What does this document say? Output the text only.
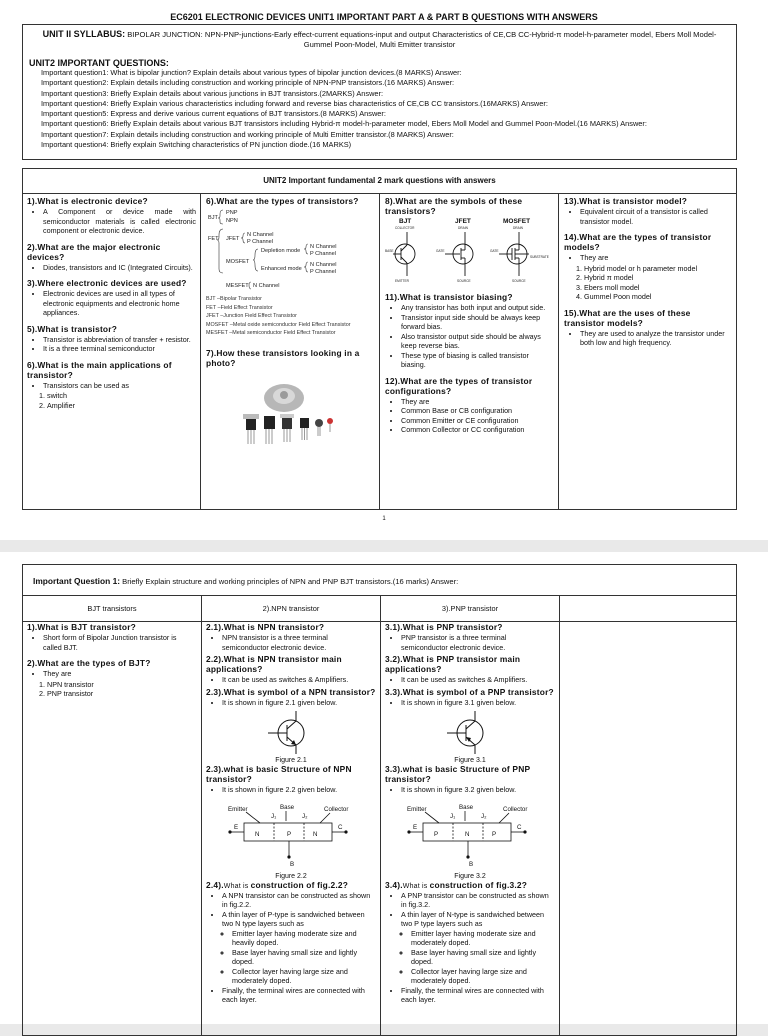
EC6201 ELECTRONIC DEVICES UNIT1 IMPORTANT PART A & PART B QUESTIONS WITH ANSWERS
UNIT II SYLLABUS: BIPOLAR JUNCTION: NPN-PNP-junctions-Early effect-current equations-input and output Characteristics of CE,CB CC-Hybrid-π model-h-parameter model, Ebers Moll Model-Gummel Poon-Model, Multi Emitter transistor
UNIT2 IMPORTANT QUESTIONS:
Important question1: What is bipolar junction? Explain details about various types of bipolar junction devices.(8 MARKS) Answer:
Important question2: Explain details including construction and working principle of NPN-PNP transistors.(16 MARKS) Answer:
Important question3: Briefly Explain details about various junctions in BJT transistors.(2MARKS) Answer:
Important question4: Briefly Explain various characteristics including forward and reverse bias characteristics of CE,CB CC transistors.(16MARKS) Answer:
Important question5: Express and derive various current equations of BJT transistors.(8 MARKS) Answer:
Important question6: Briefly Explain details about various BJT transistors including Hybrid-π model-h-parameter model, Ebers Moll Model and Gummel Poon-Model.(16 MARKS) Answer:
Important question7: Explain details including construction and working principle of Multi Emitter transistor.(8 MARKS) Answer:
Important question4: Briefly explain Switching characteristics of PN junction diode.(16 MARKS)
UNIT2 Important fundamental 2 mark questions with answers
1).What is electronic device?
• A Component or device made with semiconductor materials is called electronic component or electronic device.
2).What are the major electronic devices?
• Diodes, transistors and IC (Integrated Circuits).
3).Where electronic devices are used?
• Electronic devices are used in all types of electronic equipments and electronic home appliances.
5).What is transistor?
• Transistor is abbreviation of transfer + resistor.
• It is a three terminal semiconductor
6).What is the main applications of transistor?
• Transistors can be used as
1. switch
2. Amplifier
6).What are the types of transistors?
BJT
PNP
NPN
FET JFET
N Channel
P Channel
MOSFET
Depletion mode
Enhanced mode
N Channel
P Channel
N Channel
P Channel
MESFET N Channel
BJT –Bipolar Transistor
FET –Field Effect Transistor
JFET –Junction Field Effect Transistor
MOSFET –Metal oxide semiconductor Field Effect Transistor
MESFET –Metal semiconductor Field Effect Transistor
7).How these transistors looking in a photo?
8).What are the symbols of these transistors?
BJT	JFET	MOSFET
COLLECTOR	DRAIN	DRAIN
BASE	GATE	GATE
SUBSTRATE
EMITTER	SOURCE	SOURCE
11).What is transistor biasing?
• Any transistor has both input and output side.
• Transistor input side should be always keep forward bias.
• Also transistor output side should be always keep reverse bias.
• These type of biasing is called transistor biasing.
12).What are the types of transistor configurations?
• They are
• Common Base or CB configuration
• Common Emitter or CE configuration
• Common Collector or CC configuration
13).What is transistor model?
• Equivalent circuit of a transistor is called transistor model.
14).What are the types of transistor models?
• They are
1. Hybrid model or h parameter model
2. Hybrid π model
3. Ebers moll model
4. Gummel Poon model
15).What are the uses of these transistor models?
• They are used to analyze the transistor under both low and high frequency.
1
Important Question 1: Briefly Explain structure and working principles of NPN and PNP BJT transistors.(16 marks) Answer:
BJT transistors	2).NPN transistor	3).PNP transistor
1).What is BJT transistor?
• Short form of Bipolar Junction transistor is called BJT.
2).What are the types of BJT?
• They are
1. NPN transistor
2. PNP transistor
2.1).What is NPN transistor?
• NPN transistor is a three terminal semiconductor electronic device.
2.2).What is NPN transistor main applications?
• It can be used as switches & Amplifiers.
2.3).What is symbol of a NPN transistor?
• It is shown in figure 2.1 given below.
Figure 2.1
2.3).what is basic Structure of NPN transistor?
• It is shown in figure 2.2 given below.
Emitter	Base	Collector
J₁	J₂
E	C
B
N	P	N
Figure 2.2
2.4).What is construction of fig.2.2?
• A NPN transistor can be constructed as shown in fig.2.2.
• A thin layer of P-type is sandwiched between two N type layers such as
◦ Emitter layer having moderate size and heavily doped.
◦ Base layer having small size and lightly doped.
◦ Collector layer having large size and moderately doped.
• Finally, the terminal wires are connected with each layer.
3.1).What is PNP transistor?
• PNP transistor is a three terminal semiconductor electronic device.
3.2).What is PNP transistor main applications?
• It can be used as switches & Amplifiers.
3.3).What is symbol of a PNP transistor?
• It is shown in figure 3.1 given below.
Figure 3.1
3.3).what is basic Structure of PNP transistor?
• It is shown in figure 3.2 given below.
Emitter	Base	Collector
J₁	J₂
E	C
B
P	N	P
Figure 3.2
3.4).What is construction of fig.3.2?
• A PNP transistor can be constructed as shown in fig.3.2.
• A thin layer of N-type is sandwiched between two P type layers such as
◦ Emitter layer having moderate size and moderately doped.
◦ Base layer having small size and lightly doped.
◦ Collector layer having large size and moderately doped.
• Finally, the terminal wires are connected with each layer.
